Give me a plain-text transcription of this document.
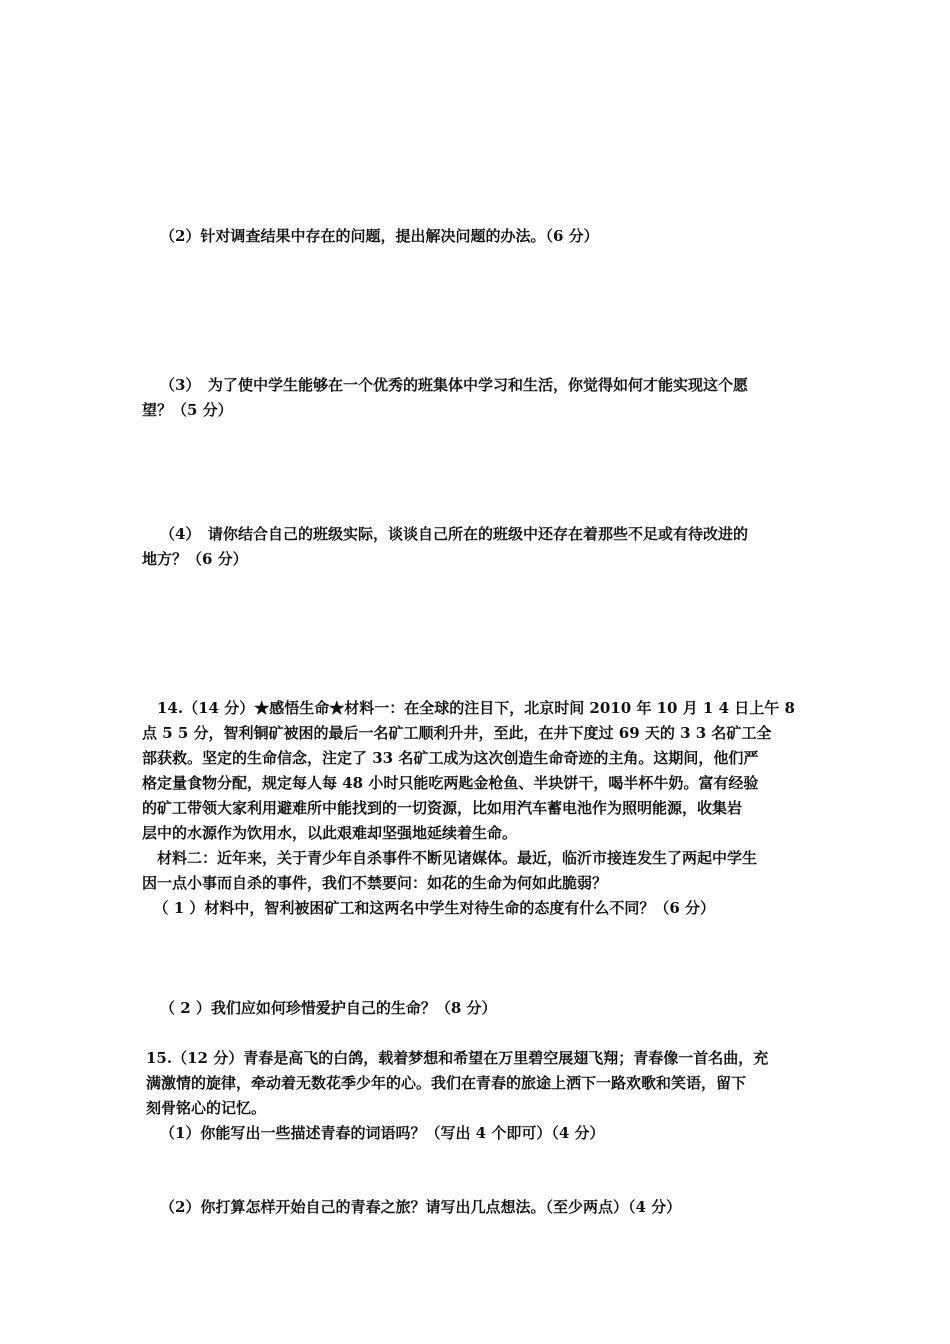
（2）针对调查结果中存在的问题，提出解决问题的办法。（6 分）
（3）　为了使中学生能够在一个优秀的班集体中学习和生活，你觉得如何才能实现这个愿
望？（5 分）
（4）　请你结合自己的班级实际，谈谈自己所在的班级中还存在着那些不足或有待改进的
地方？（6 分）
　14.（14 分）★感悟生命★材料一：在全球的注目下，北京时间 2010 年 10 月 1 4 日上午 8
点 5 5 分，智利铜矿被困的最后一名矿工顺利升井，至此，在井下度过 69 天的 3 3 名矿工全
部获救。坚定的生命信念，注定了 33 名矿工成为这次创造生命奇迹的主角。这期间，他们严
格定量食物分配，规定每人每 48 小时只能吃两匙金枪鱼、半块饼干，喝半杯牛奶。富有经验
的矿工带领大家利用避难所中能找到的一切资源，比如用汽车蓄电池作为照明能源，收集岩
层中的水源作为饮用水，以此艰难却坚强地延续着生命。
　材料二：近年来，关于青少年自杀事件不断见诸媒体。最近，临沂市接连发生了两起中学生
因一点小事而自杀的事件，我们不禁要问：如花的生命为何如此脆弱？
　（ 1 ）材料中，智利被困矿工和这两名中学生对待生命的态度有什么不同？（6 分）
（ 2 ）我们应如何珍惜爱护自己的生命？（8 分）
15.（12 分）青春是高飞的白鸽，载着梦想和希望在万里碧空展翅飞翔；青春像一首名曲，充
满激情的旋律，牵动着无数花季少年的心。我们在青春的旅途上洒下一路欢歌和笑语，留下
刻骨铭心的记忆。
（1）你能写出一些描述青春的词语吗？（写出 4 个即可）（4 分）
（2）你打算怎样开始自己的青春之旅？请写出几点想法。（至少两点）（4 分）
